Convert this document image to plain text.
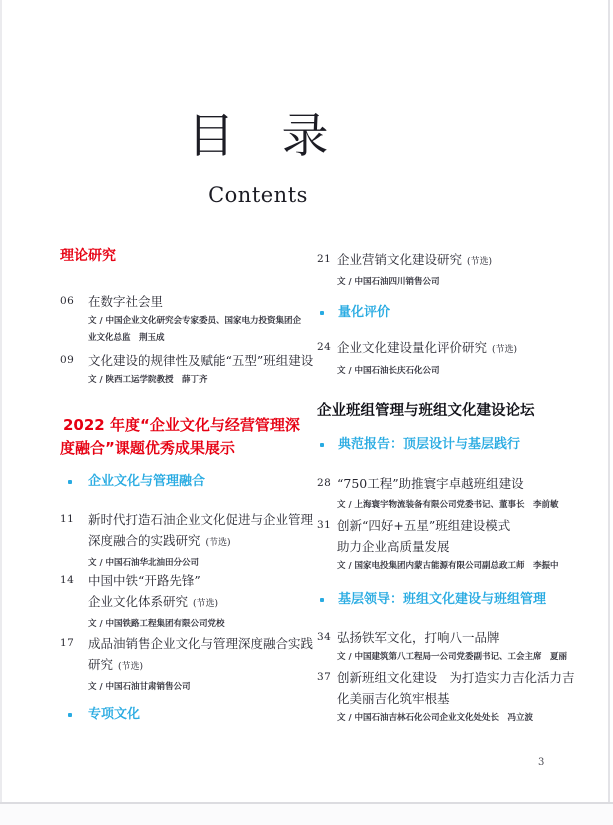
目 录
Contents
理论研究
06	在数字社会里
文 / 中国企业文化研究会专家委员、国家电力投资集团企
业文化总监　荆玉成
09	文化建设的规律性及赋能“五型”班组建设
文 / 陕西工运学院教授　薛丁齐
2022 年度“企业文化与经营管理深
度融合”课题优秀成果展示
企业文化与管理融合
11	新时代打造石油企业文化促进与企业管理
深度融合的实践研究 (节选)
文 / 中国石油华北油田分公司
14	中国中铁“开路先锋”
企业文化体系研究 (节选)
文 / 中国铁路工程集团有限公司党校
17	成品油销售企业文化与管理深度融合实践
研究 (节选)
文 / 中国石油甘肃销售公司
专项文化
21 企业营销文化建设研究 (节选)
文 / 中国石油四川销售公司
量化评价
24 企业文化建设量化评价研究 (节选)
文 / 中国石油长庆石化公司
企业班组管理与班组文化建设论坛
典范报告：顶层设计与基层践行
28 “750工程”助推寰宇卓越班组建设
文 / 上海寰宇物流装备有限公司党委书记、董事长　李前敏
31 创新“四好+五星”班组建设模式
助力企业高质量发展
文 / 国家电投集团内蒙古能源有限公司副总政工师　李振中
基层领导：班组文化建设与班组管理
34 弘扬铁军文化，打响八一品牌
文 / 中国建筑第八工程局一公司党委副书记、工会主席　夏丽
37 创新班组文化建设　为打造实力吉化活力吉
化美丽吉化筑牢根基
文 / 中国石油吉林石化公司企业文化处处长　冯立波
3
